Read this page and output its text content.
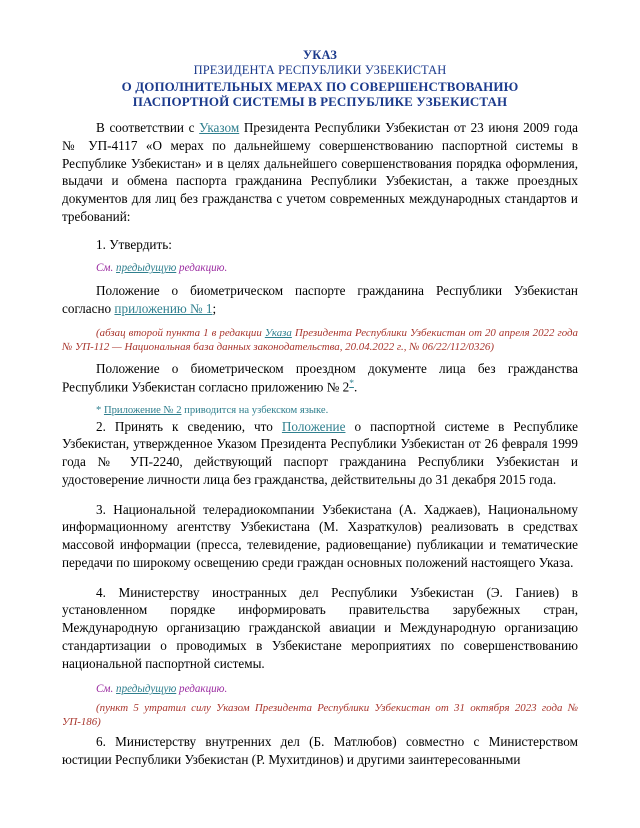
УКАЗ
ПРЕЗИДЕНТА РЕСПУБЛИКИ УЗБЕКИСТАН
О ДОПОЛНИТЕЛЬНЫХ МЕРАХ ПО СОВЕРШЕНСТВОВАНИЮ
ПАСПОРТНОЙ СИСТЕМЫ В РЕСПУБЛИКЕ УЗБЕКИСТАН

В соответствии с Указом Президента Республики Узбекистан от 23 июня 2009 года № УП-4117 «О мерах по дальнейшему совершенствованию паспортной системы в Республике Узбекистан» и в целях дальнейшего совершенствования порядка оформления, выдачи и обмена паспорта гражданина Республики Узбекистан, а также проездных документов для лиц без гражданства с учетом современных международных стандартов и требований:

1. Утвердить:

См. предыдущую редакцию.

Положение о биометрическом паспорте гражданина Республики Узбекистан согласно приложению № 1;

(абзац второй пункта 1 в редакции Указа Президента Республики Узбекистан от 20 апреля 2022 года № УП-112 — Национальная база данных законодательства, 20.04.2022 г., № 06/22/112/0326)

Положение о биометрическом проездном документе лица без гражданства Республики Узбекистан согласно приложению № 2*.

* Приложение № 2 приводится на узбекском языке.

2. Принять к сведению, что Положение о паспортной системе в Республике Узбекистан, утвержденное Указом Президента Республики Узбекистан от 26 февраля 1999 года № УП-2240, действующий паспорт гражданина Республики Узбекистан и удостоверение личности лица без гражданства, действительны до 31 декабря 2015 года.

3. Национальной телерадиокомпании Узбекистана (А. Хаджаев), Национальному информационному агентству Узбекистана (М. Хазраткулов) реализовать в средствах массовой информации (пресса, телевидение, радиовещание) публикации и тематические передачи по широкому освещению среди граждан основных положений настоящего Указа.

4. Министерству иностранных дел Республики Узбекистан (Э. Ганиев) в установленном порядке информировать правительства зарубежных стран, Международную организацию гражданской авиации и Международную организацию стандартизации о проводимых в Узбекистане мероприятиях по совершенствованию национальной паспортной системы.

См. предыдущую редакцию.

(пункт 5 утратил силу Указом Президента Республики Узбекистан от 31 октября 2023 года № УП-186)

6. Министерству внутренних дел (Б. Матлюбов) совместно с Министерством юстиции Республики Узбекистан (Р. Мухитдинов) и другими заинтересованными
